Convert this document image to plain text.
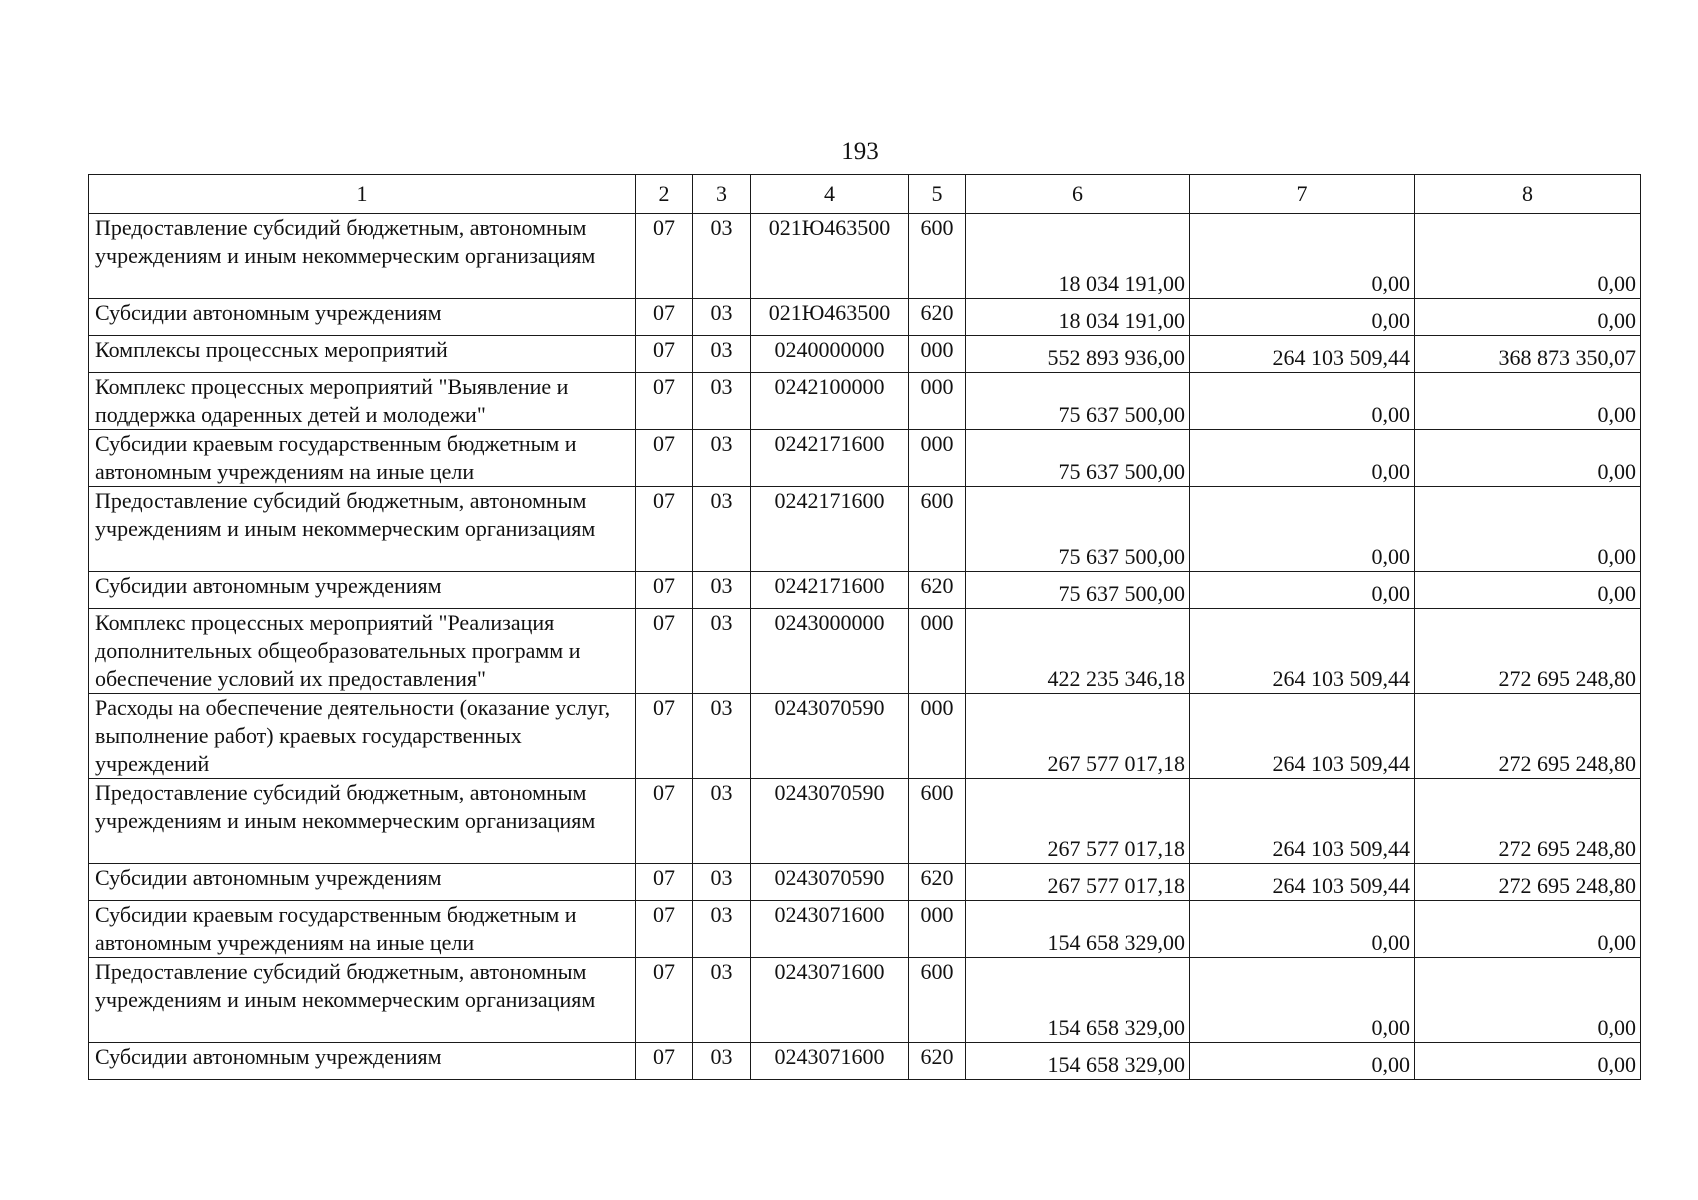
193
1	2	3	4	5	6	7	8
Предоставление субсидий бюджетным, автономным учреждениям и иным некоммерческим организациям	07	03	021Ю463500	600	18 034 191,00	0,00	0,00
Субсидии автономным учреждениям	07	03	021Ю463500	620	18 034 191,00	0,00	0,00
Комплексы процессных мероприятий	07	03	0240000000	000	552 893 936,00	264 103 509,44	368 873 350,07
Комплекс процессных мероприятий "Выявление и поддержка одаренных детей и молодежи"	07	03	0242100000	000	75 637 500,00	0,00	0,00
Субсидии краевым государственным бюджетным и автономным учреждениям на иные цели	07	03	0242171600	000	75 637 500,00	0,00	0,00
Предоставление субсидий бюджетным, автономным учреждениям и иным некоммерческим организациям	07	03	0242171600	600	75 637 500,00	0,00	0,00
Субсидии автономным учреждениям	07	03	0242171600	620	75 637 500,00	0,00	0,00
Комплекс процессных мероприятий "Реализация дополнительных общеобразовательных программ и обеспечение условий их предоставления"	07	03	0243000000	000	422 235 346,18	264 103 509,44	272 695 248,80
Расходы на обеспечение деятельности (оказание услуг, выполнение работ) краевых государственных учреждений	07	03	0243070590	000	267 577 017,18	264 103 509,44	272 695 248,80
Предоставление субсидий бюджетным, автономным учреждениям и иным некоммерческим организациям	07	03	0243070590	600	267 577 017,18	264 103 509,44	272 695 248,80
Субсидии автономным учреждениям	07	03	0243070590	620	267 577 017,18	264 103 509,44	272 695 248,80
Субсидии краевым государственным бюджетным и автономным учреждениям на иные цели	07	03	0243071600	000	154 658 329,00	0,00	0,00
Предоставление субсидий бюджетным, автономным учреждениям и иным некоммерческим организациям	07	03	0243071600	600	154 658 329,00	0,00	0,00
Субсидии автономным учреждениям	07	03	0243071600	620	154 658 329,00	0,00	0,00
